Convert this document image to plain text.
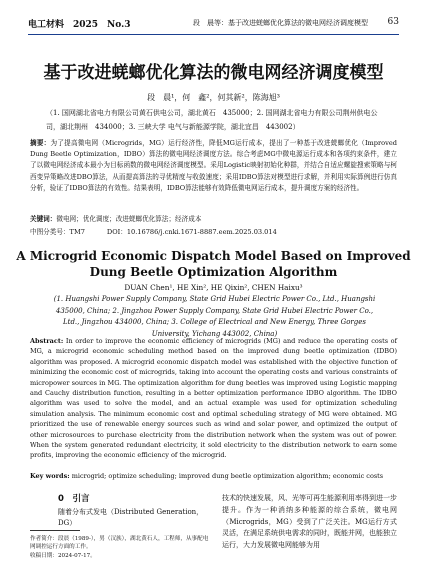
电工材料　2025　No.3	段　晨等：基于改进蜣螂优化算法的微电网经济调度模型 63
基于改进蜣螂优化算法的微电网经济调度模型
段　晨¹，何　鑫²，何其新²，陈海旭³
（1. 国网湖北省电力有限公司黄石供电公司，湖北黄石　435000；2. 国网湖北省电力有限公司荆州供电公司，湖北荆州　434000；3. 三峡大学 电气与新能源学院，湖北宜昌　443002）
摘要：为了提高微电网（Microgrids，MG）运行经济性，降低MG运行成本，提出了一种基于改进蜣螂优化（Improved Dung Beetle Optimization，IDBO）算法的微电网经济调度方法。综合考虑MG中微电源运行成本和各项约束条件，建立了以微电网经济成本最小为目标函数的微电网经济调度模型。采用Logistic映射初始化种群，并结合自适应螺旋搜索策略与柯西变异策略改进DBO算法，从而提高算法的寻优精度与收敛速度；采用IDBO算法对模型进行求解，并利用实际算例进行仿真分析，验证了IDBO算法的有效性。结果表明，IDBO算法能够有效降低微电网运行成本，提升调度方案的经济性。
关键词：微电网；优化调度；改进蜣螂优化算法；经济成本
中图分类号：TM7	DOI：10.16786/j.cnki.1671-8887.eem.2025.03.014
A Microgrid Economic Dispatch Model Based on Improved Dung Beetle Optimization Algorithm
DUAN Chen¹, HE Xin², HE Qixin², CHEN Haixu³
(1. Huangshi Power Supply Company, State Grid Hubei Electric Power Co., Ltd., Huangshi 435000, China; 2. Jingzhou Power Supply Company, State Grid Hubei Electric Power Co., Ltd., Jingzhou 434000, China; 3. College of Electrical and New Energy, Three Gorges University, Yichang 443002, China)
Abstract: In order to improve the economic efficiency of microgrids (MG) and reduce the operating costs of MG, a microgrid economic scheduling method based on the improved dung beetle optimization (IDBO) algorithm was proposed. A microgrid economic dispatch model was established with the objective function of minimizing the economic cost of microgrids, taking into account the operating costs and various constraints of micropower sources in MG. The optimization algorithm for dung beetles was improved using Logistic mapping and Cauchy distribution function, resulting in a better optimization performance IDBO algorithm. The IDBO algorithm was used to solve the model, and an actual example was used for optimization scheduling simulation analysis. The minimum economic cost and optimal scheduling strategy of MG were obtained. MG prioritized the use of renewable energy sources such as wind and solar power, and optimized the output of other microsources to purchase electricity from the distribution network when the system was out of power. When the system generated redundant electricity, it sold electricity to the distribution network to earn some profits, improving the economic efficiency of the microgrid.
Key words: microgrid; optimize scheduling; improved dung beetle optimization algorithm; economic costs
0　 引言
随着分布式发电（Distributed Generation，DG）
作者简介：段晨（1989-），男（汉族），湖北黄石人，工程师，从事配电网调控运行方面的工作。
收稿日期：2024-07-17。
技术的快速发展，风、光等可再生能源利用率得到进一步提升。作为一种消纳多种能源的综合系统，微电网（Microgrids，MG）受到了广泛关注。MG运行方式灵活，在满足系统供电需求的同时，既能并网，也能独立运行，大力发展微电网能够为用
